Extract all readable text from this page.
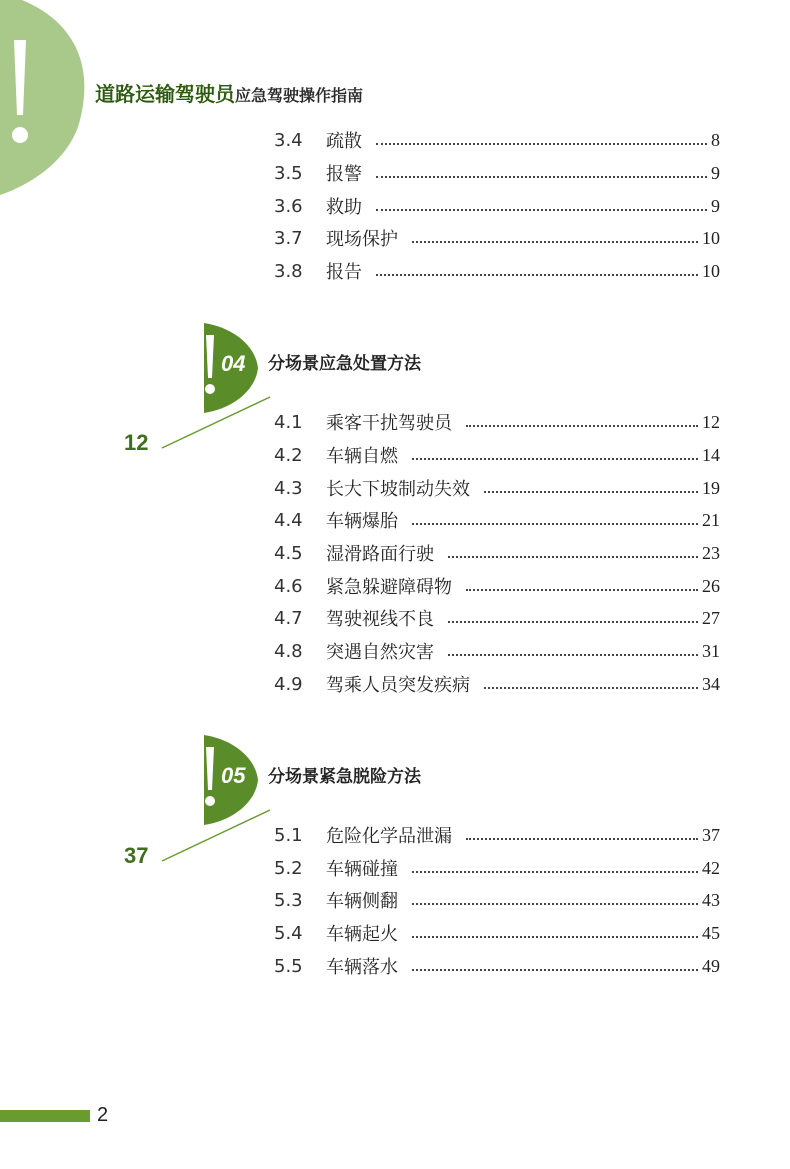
道路运输驾驶员应急驾驶操作指南
3.4	疏散	8
3.5	报警	9
3.6	救助	9
3.7	现场保护	10
3.8	报告	10
04 分场景应急处置方法
12
4.1	乘客干扰驾驶员	12
4.2	车辆自燃	14
4.3	长大下坡制动失效	19
4.4	车辆爆胎	21
4.5	湿滑路面行驶	23
4.6	紧急躲避障碍物	26
4.7	驾驶视线不良	27
4.8	突遇自然灾害	31
4.9	驾乘人员突发疾病	34
05 分场景紧急脱险方法
37
5.1	危险化学品泄漏	37
5.2	车辆碰撞	42
5.3	车辆侧翻	43
5.4	车辆起火	45
5.5	车辆落水	49
2
